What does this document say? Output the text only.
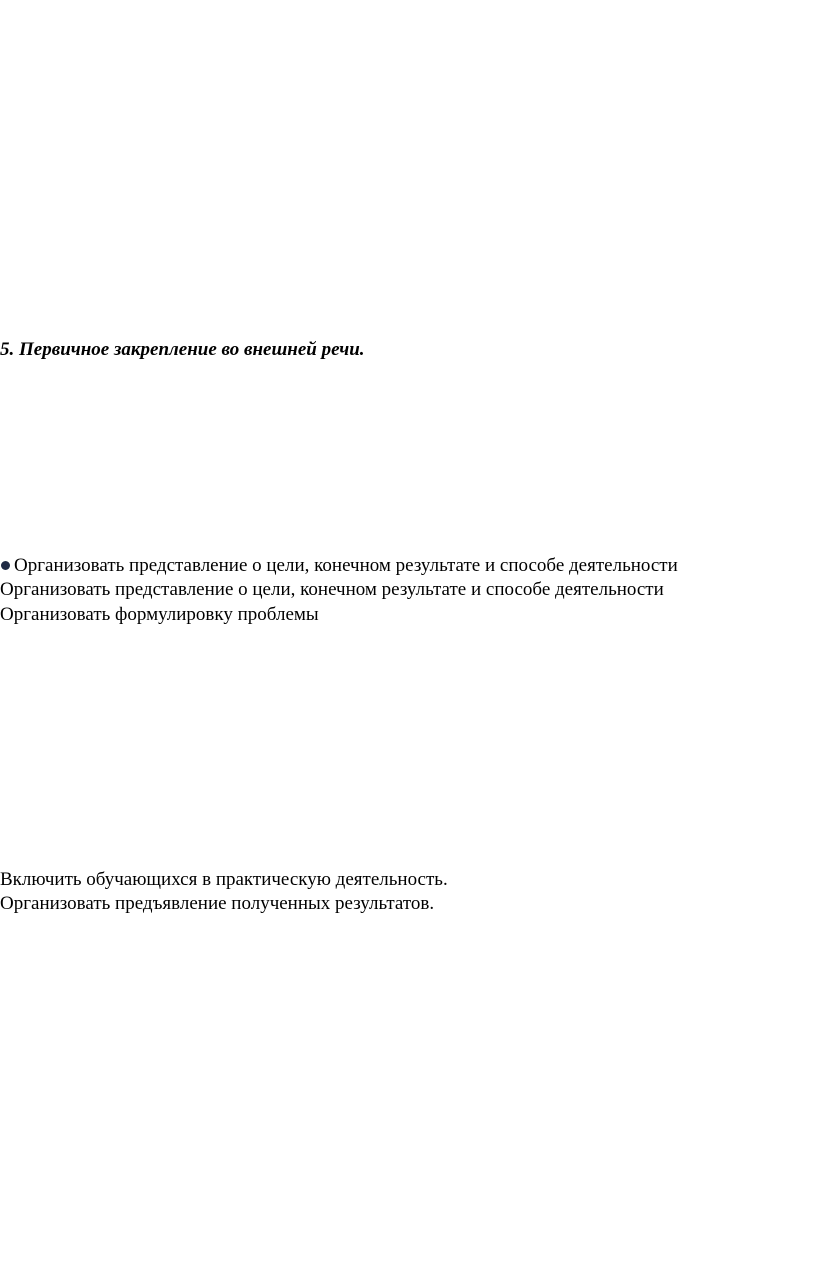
5. Первичное закрепление во внешней речи.
Организовать представление о цели, конечном результате и способе деятельности
Организовать представление о цели, конечном результате и способе деятельности
Организовать формулировку проблемы
Включить обучающихся в практическую деятельность.
Организовать предъявление полученных результатов.
